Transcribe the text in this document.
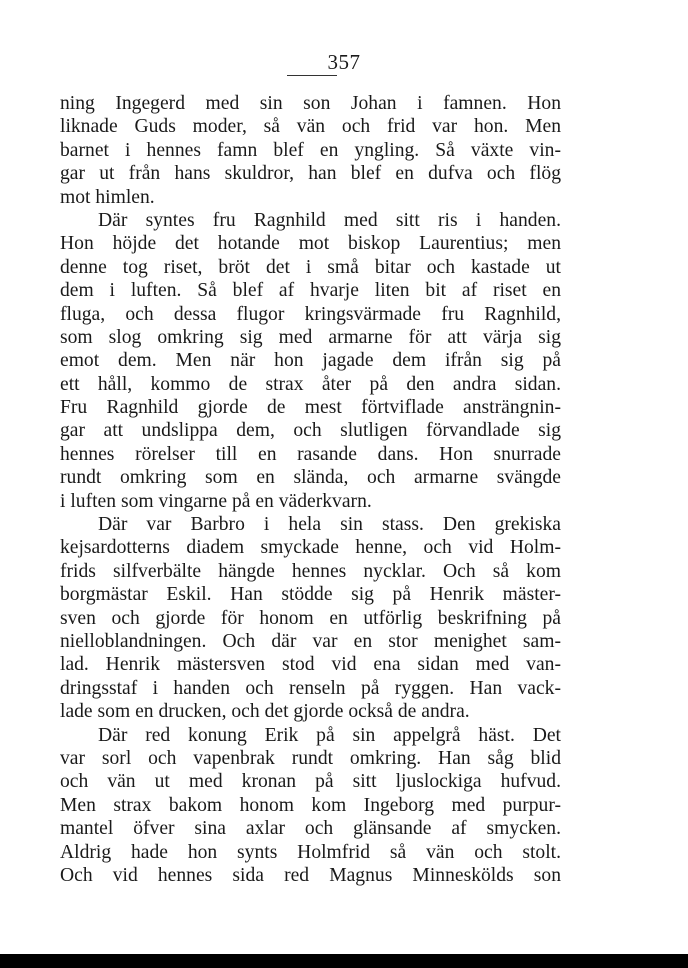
357
ning Ingegerd med sin son Johan i famnen. Hon
liknade Guds moder, så vän och frid var hon. Men
barnet i hennes famn blef en yngling. Så växte vin-
gar ut från hans skuldror, han blef en dufva och flög
mot himlen.
Där syntes fru Ragnhild med sitt ris i handen.
Hon höjde det hotande mot biskop Laurentius; men
denne tog riset, bröt det i små bitar och kastade ut
dem i luften. Så blef af hvarje liten bit af riset en
fluga, och dessa flugor kringsvärmade fru Ragnhild,
som slog omkring sig med armarne för att värja sig
emot dem. Men när hon jagade dem ifrån sig på
ett håll, kommo de strax åter på den andra sidan.
Fru Ragnhild gjorde de mest förtviflade ansträngnin-
gar att undslippa dem, och slutligen förvandlade sig
hennes rörelser till en rasande dans. Hon snurrade
rundt omkring som en slända, och armarne svängde
i luften som vingarne på en väderkvarn.
Där var Barbro i hela sin stass. Den grekiska
kejsardotterns diadem smyckade henne, och vid Holm-
frids silfverbälte hängde hennes nycklar. Och så kom
borgmästar Eskil. Han stödde sig på Henrik mäster-
sven och gjorde för honom en utförlig beskrifning på
nielloblandningen. Och där var en stor menighet sam-
lad. Henrik mästersven stod vid ena sidan med van-
dringsstaf i handen och renseln på ryggen. Han vack-
lade som en drucken, och det gjorde också de andra.
Där red konung Erik på sin appelgrå häst. Det
var sorl och vapenbrak rundt omkring. Han såg blid
och vän ut med kronan på sitt ljuslockiga hufvud.
Men strax bakom honom kom Ingeborg med purpur-
mantel öfver sina axlar och glänsande af smycken.
Aldrig hade hon synts Holmfrid så vän och stolt.
Och vid hennes sida red Magnus Minneskölds son
